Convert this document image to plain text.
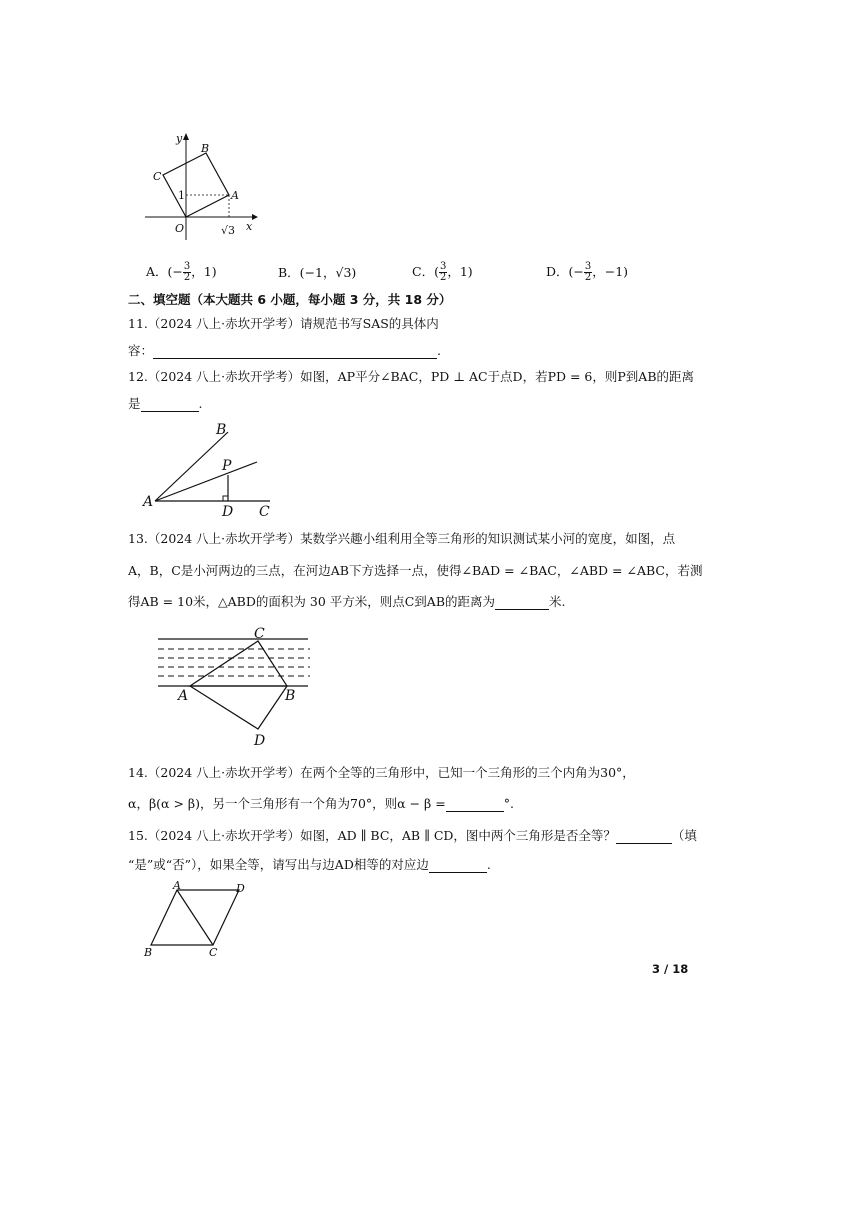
y
x
O
B
C
A
1
√3
A．(− $\frac{3}{2}$ ，1)	B．(−1，√3)	C．( $\frac{3}{2}$ ，1)	D．(− $\frac{3}{2}$ ，−1)
二、填空题（本大题共 6 小题，每小题 3 分，共 18 分）
11.（2024 八上·赤坎开学考）请规范书写SAS的具体内
容：	.
12.（2024 八上·赤坎开学考）如图，AP平分∠BAC，PD ⊥ AC于点D，若PD = 6，则P到AB的距离
是	.
B
P
A
D C
13.（2024 八上·赤坎开学考）某数学兴趣小组利用全等三角形的知识测试某小河的宽度，如图，点
A，B，C是小河两边的三点，在河边AB下方选择一点，使得∠BAD = ∠BAC，∠ABD = ∠ABC，若测
得AB = 10米，△ABD的面积为 30 平方米，则点C到AB的距离为	米.
C
A	B
D
14.（2024 八上·赤坎开学考）在两个全等的三角形中，已知一个三角形的三个内角为30°，
α，β(α > β)，另一个三角形有一个角为70°，则α − β =	°.
15.（2024 八上·赤坎开学考）如图，AD ∥ BC，AB ∥ CD，图中两个三角形是否全等？	（填
“是”或“否”），如果全等，请写出与边AD相等的对应边	.
A	D
B	C
3 / 18
